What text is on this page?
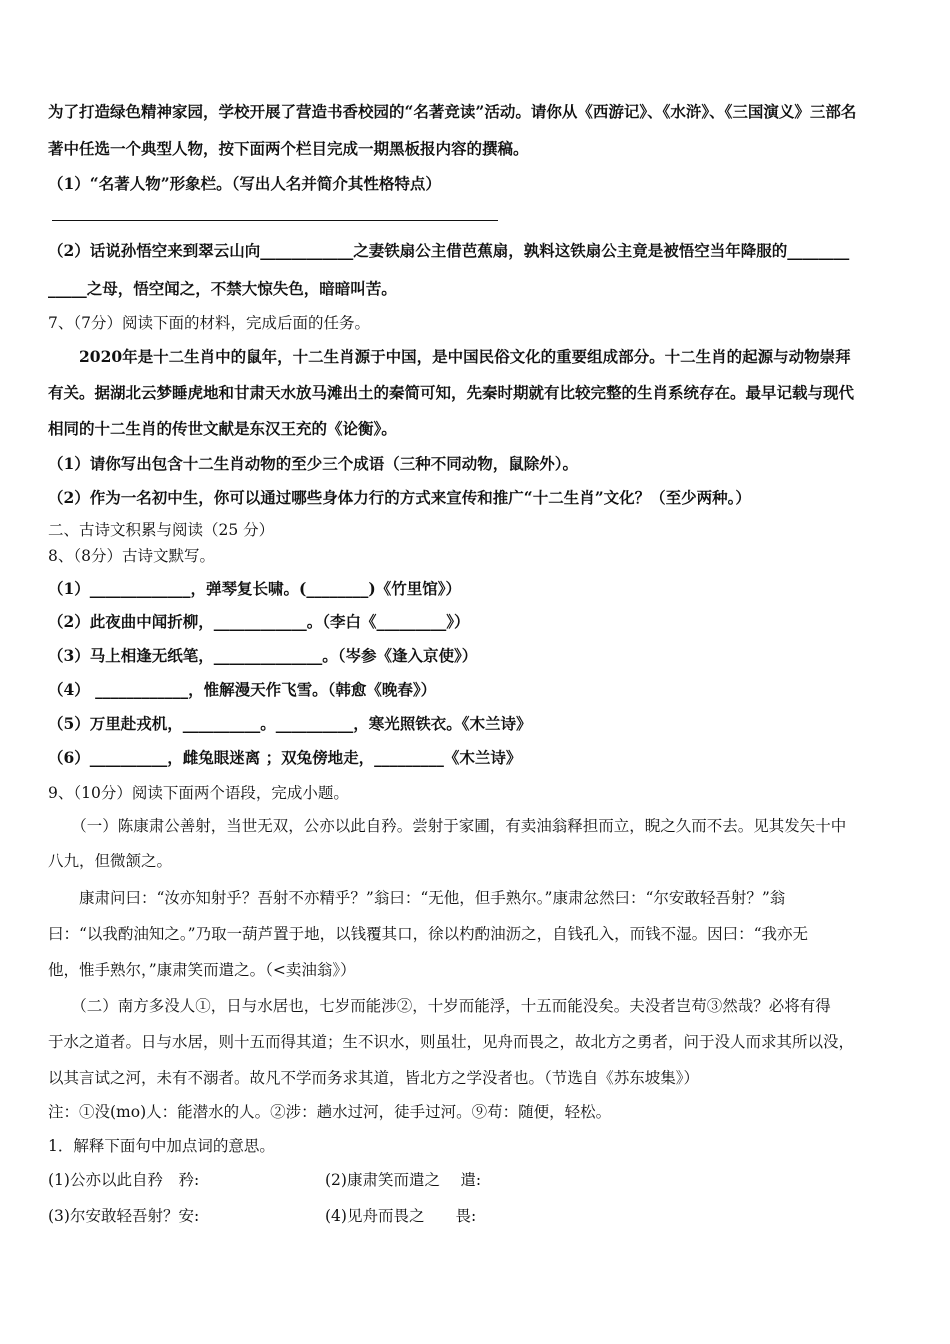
为了打造绿色精神家园，学校开展了营造书香校园的“名著竞读”活动。请你从《西游记》、《水浒》、《三国演义》三部名
著中任选一个典型人物，按下面两个栏目完成一期黑板报内容的撰稿。
（1）“名著人物”形象栏。（写出人名并简介其性格特点）
（2）话说孙悟空来到翠云山向____________之妻铁扇公主借芭蕉扇，孰料这铁扇公主竟是被悟空当年降服的________
_____之母，悟空闻之，不禁大惊失色，暗暗叫苦。
7、（7分）阅读下面的材料，完成后面的任务。
　　2020年是十二生肖中的鼠年，十二生肖源于中国，是中国民俗文化的重要组成部分。十二生肖的起源与动物崇拜
有关。据湖北云梦睡虎地和甘肃天水放马滩出土的秦简可知，先秦时期就有比较完整的生肖系统存在。最早记载与现代
相同的十二生肖的传世文献是东汉王充的《论衡》。
（1）请你写出包含十二生肖动物的至少三个成语（三种不同动物，鼠除外）。
（2）作为一名初中生，你可以通过哪些身体力行的方式来宣传和推广“十二生肖”文化？（至少两种。）
二、古诗文积累与阅读（25 分）
8、（8分）古诗文默写。
（1）_____________，弹琴复长啸。(________)《竹里馆》）
（2）此夜曲中闻折柳，____________。（李白《_________》）
（3）马上相逢无纸笔，______________。（岑参《逢入京使》）
（4） ____________，惟解漫天作飞雪。（韩愈《晚春》）
（5）万里赴戎机，__________。__________，寒光照铁衣。《木兰诗》
（6）__________，雌兔眼迷离 ；双兔傍地走，_________《木兰诗》
9、（10分）阅读下面两个语段，完成小题。
　　（一）陈康肃公善射，当世无双，公亦以此自矜。尝射于家圃，有卖油翁释担而立，睨之久而不去。见其发矢十中
八九，但微颔之。
　　康肃问曰：“汝亦知射乎？吾射不亦精乎？”翁曰：“无他，但手熟尔。”康肃忿然曰：“尔安敢轻吾射？”翁
曰：“以我酌油知之。”乃取一葫芦置于地，以钱覆其口，徐以杓酌油沥之，自钱孔入，而钱不湿。因曰：“我亦无
他，惟手熟尔，”康肃笑而遣之。（<卖油翁》）
　　（二）南方多没人①，日与水居也，七岁而能涉②，十岁而能浮，十五而能没矣。夫没者岂苟③然哉？必将有得
于水之道者。日与水居，则十五而得其道；生不识水，则虽壮，见舟而畏之，故北方之勇者，问于没人而求其所以没，
以其言试之河，未有不溺者。故凡不学而务求其道，皆北方之学没者也。（节选自《苏东坡集》）
注：①没(mo)人：能潜水的人。②涉：趟水过河，徒手过河。⑨苟：随便，轻松。
1．解释下面句中加点词的意思。
(1)公亦以此自矜　矜:	(2)康肃笑而遣之　 遣:
(3)尔安敢轻吾射？安:	(4)见舟而畏之　　畏:
